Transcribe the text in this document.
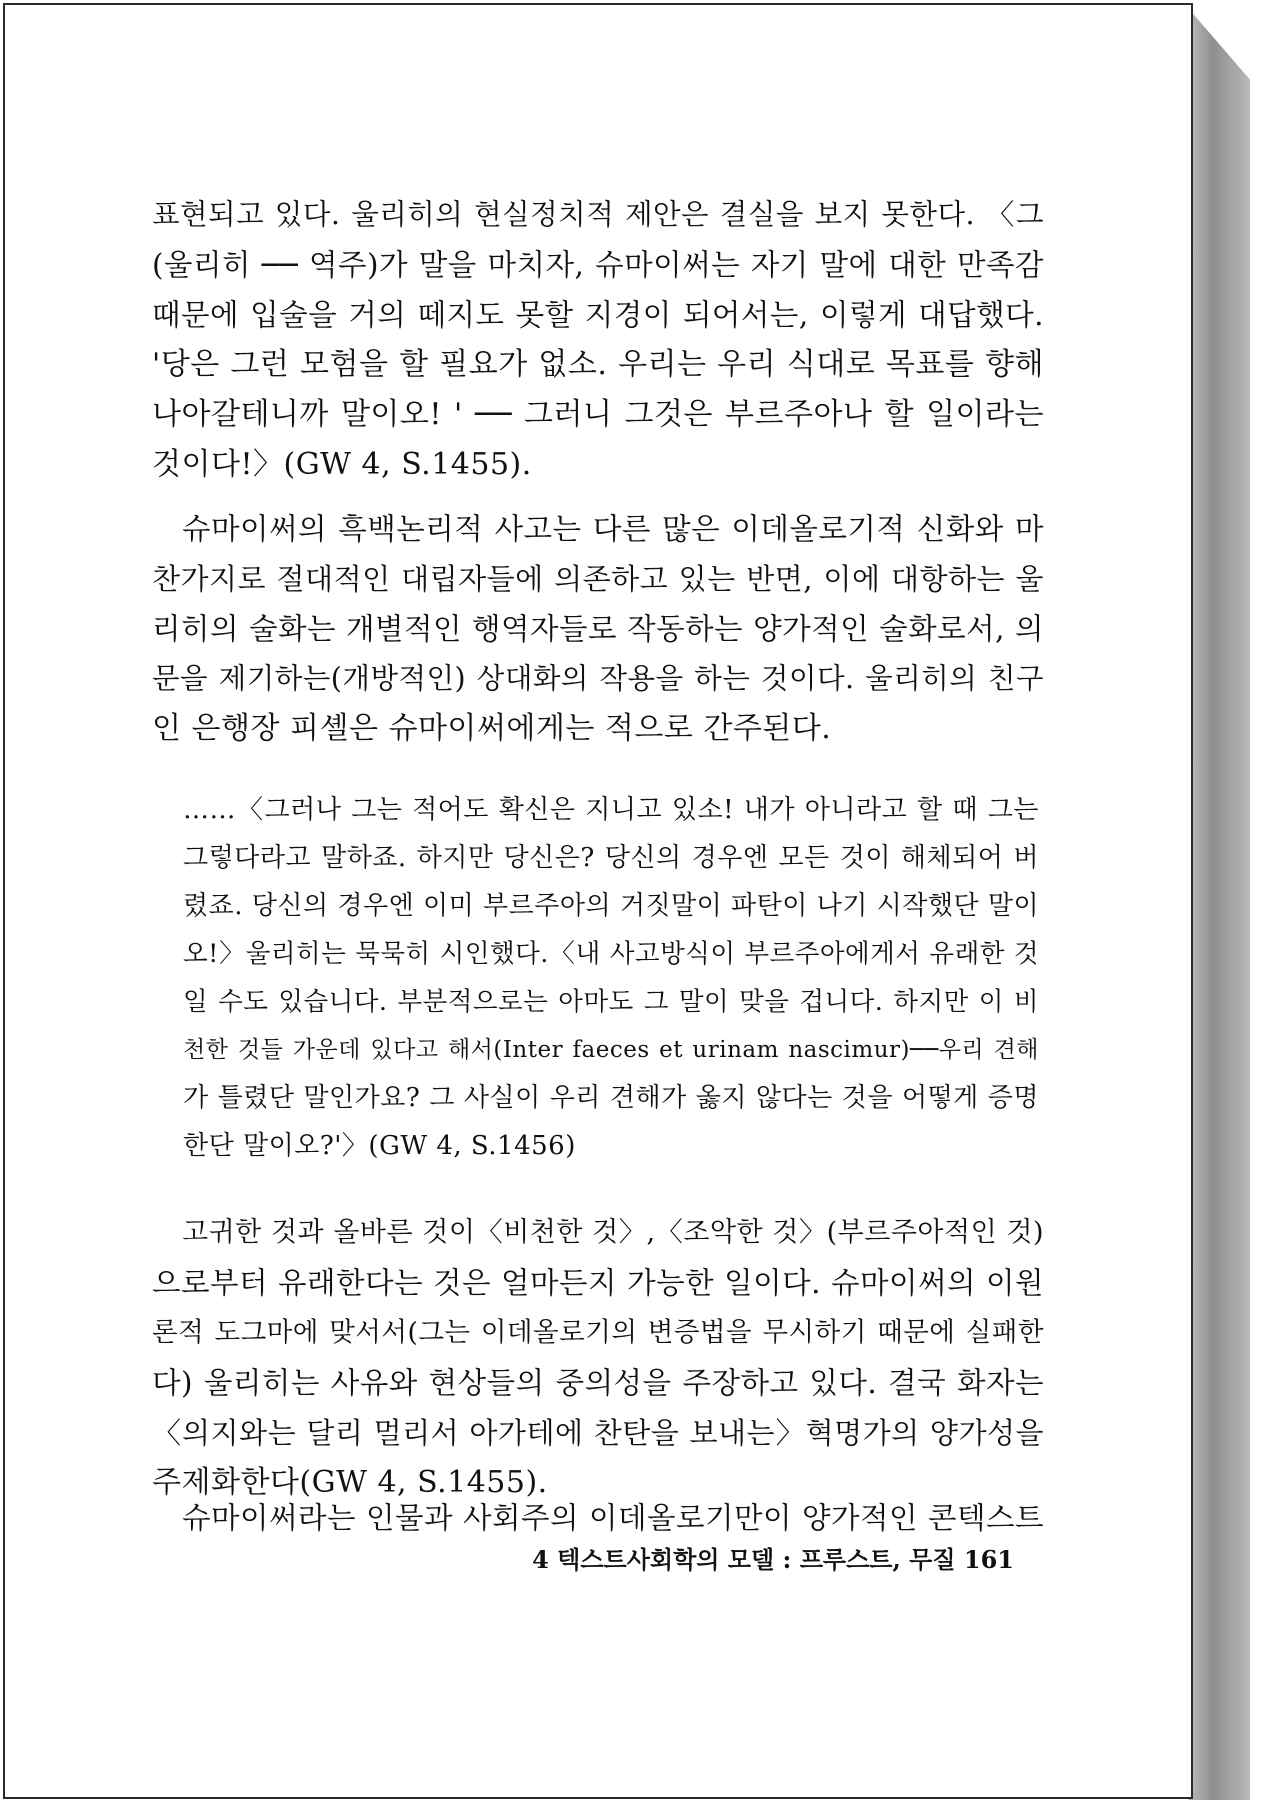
표현되고 있다. 울리히의 현실정치적 제안은 결실을 보지 못한다. 〈그

(울리히 ── 역주)가 말을 마치자, 슈마이써는 자기 말에 대한 만족감

때문에 입술을 거의 떼지도 못할 지경이 되어서는, 이렇게 대답했다.

'당은 그런 모험을 할 필요가 없소. 우리는 우리 식대로 목표를 향해

나아갈테니까 말이오! ' ── 그러니 그것은 부르주아나 할 일이라는

것이다!〉(GW 4, S.1455).

슈마이써의 흑백논리적 사고는 다른 많은 이데올로기적 신화와 마

찬가지로 절대적인 대립자들에 의존하고 있는 반면, 이에 대항하는 울

리히의 술화는 개별적인 행역자들로 작동하는 양가적인 술화로서, 의

문을 제기하는(개방적인) 상대화의 작용을 하는 것이다. 울리히의 친구

인 은행장 피셸은 슈마이써에게는 적으로 간주된다.

……〈그러나 그는 적어도 확신은 지니고 있소! 내가 아니라고 할 때 그는

그렇다라고 말하죠. 하지만 당신은? 당신의 경우엔 모든 것이 해체되어 버

렸죠. 당신의 경우엔 이미 부르주아의 거짓말이 파탄이 나기 시작했단 말이

오!〉울리히는 묵묵히 시인했다.〈내 사고방식이 부르주아에게서 유래한 것

일 수도 있습니다. 부분적으로는 아마도 그 말이 맞을 겁니다. 하지만 이 비

천한 것들 가운데 있다고 해서(Inter faeces et urinam nascimur)──우리 견해

가 틀렸단 말인가요? 그 사실이 우리 견해가 옳지 않다는 것을 어떻게 증명

한단 말이오?'〉(GW 4, S.1456)

고귀한 것과 올바른 것이〈비천한 것〉,〈조악한 것〉(부르주아적인 것)

으로부터 유래한다는 것은 얼마든지 가능한 일이다. 슈마이써의 이원

론적 도그마에 맞서서(그는 이데올로기의 변증법을 무시하기 때문에 실패한

다) 울리히는 사유와 현상들의 중의성을 주장하고 있다. 결국 화자는

〈의지와는 달리 멀리서 아가테에 찬탄을 보내는〉혁명가의 양가성을

주제화한다(GW 4, S.1455).

슈마이써라는 인물과 사회주의 이데올로기만이 양가적인 콘텍스트

4 텍스트사회학의 모델 : 프루스트, 무질 161
